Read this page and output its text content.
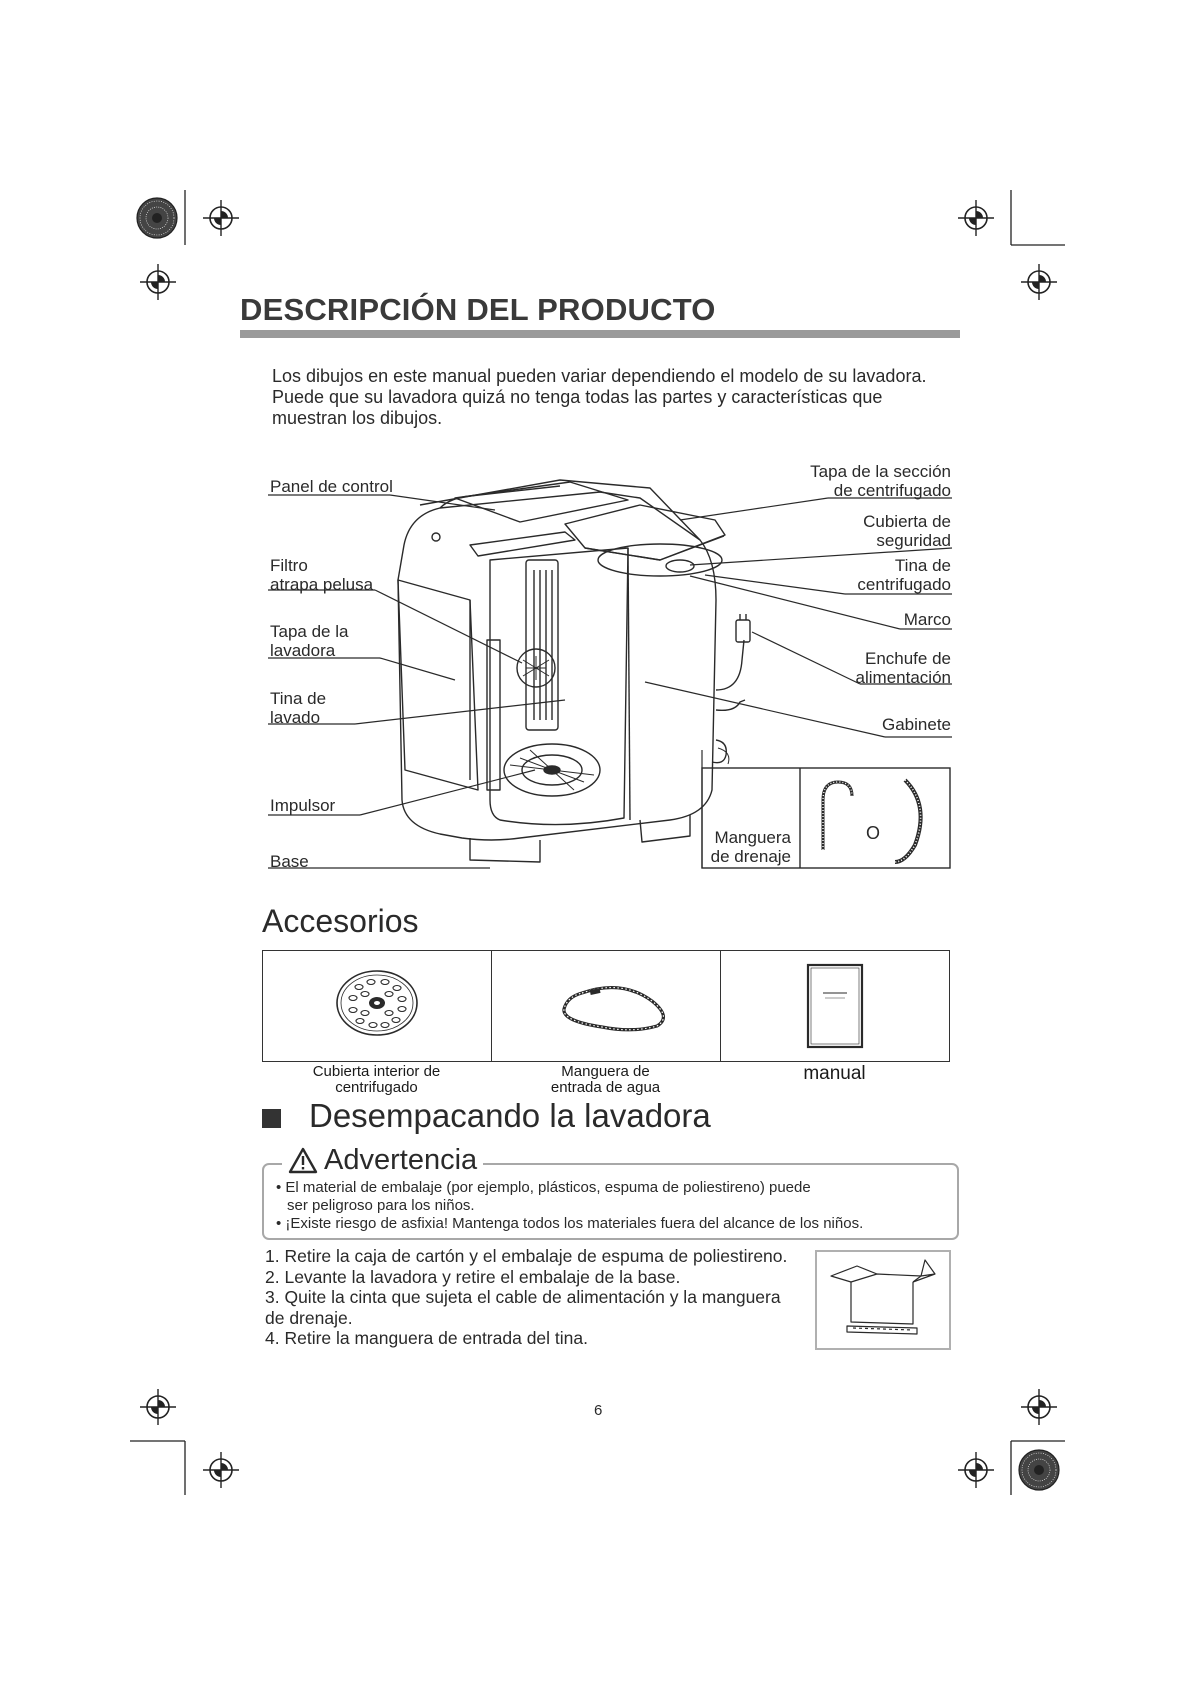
DESCRIPCIÓN DEL PRODUCTO
Los dibujos en este manual pueden variar dependiendo el modelo de su lavadora.
Puede que su lavadora quizá no tenga todas las partes y características que
muestran los dibujos.
Panel de control
Filtro
atrapa pelusa
Tapa de la
lavadora
Tina de
lavado
Impulsor
Base
Tapa de la sección
de centrifugado
Cubierta de
seguridad
Tina de
centrifugado
Marco
Enchufe de
alimentación
Gabinete
Manguera
de drenaje
O
Accesorios
Cubierta interior de
centrifugado
Manguera de
entrada de agua
manual
Desempacando la lavadora
Advertencia

• El material de embalaje (por ejemplo, plásticos, espuma de poliestireno) puede

ser peligroso para los niños.

• ¡Existe riesgo de asfixia! Mantenga todos los materiales fuera del alcance de los niños.

1. Retire la caja de cartón y el embalaje de espuma de poliestireno.

2. Levante la lavadora y retire el embalaje de la base.

3. Quite la cinta que sujeta el cable de alimentación y la manguera

de drenaje.

4. Retire la manguera de entrada del tina.

6
